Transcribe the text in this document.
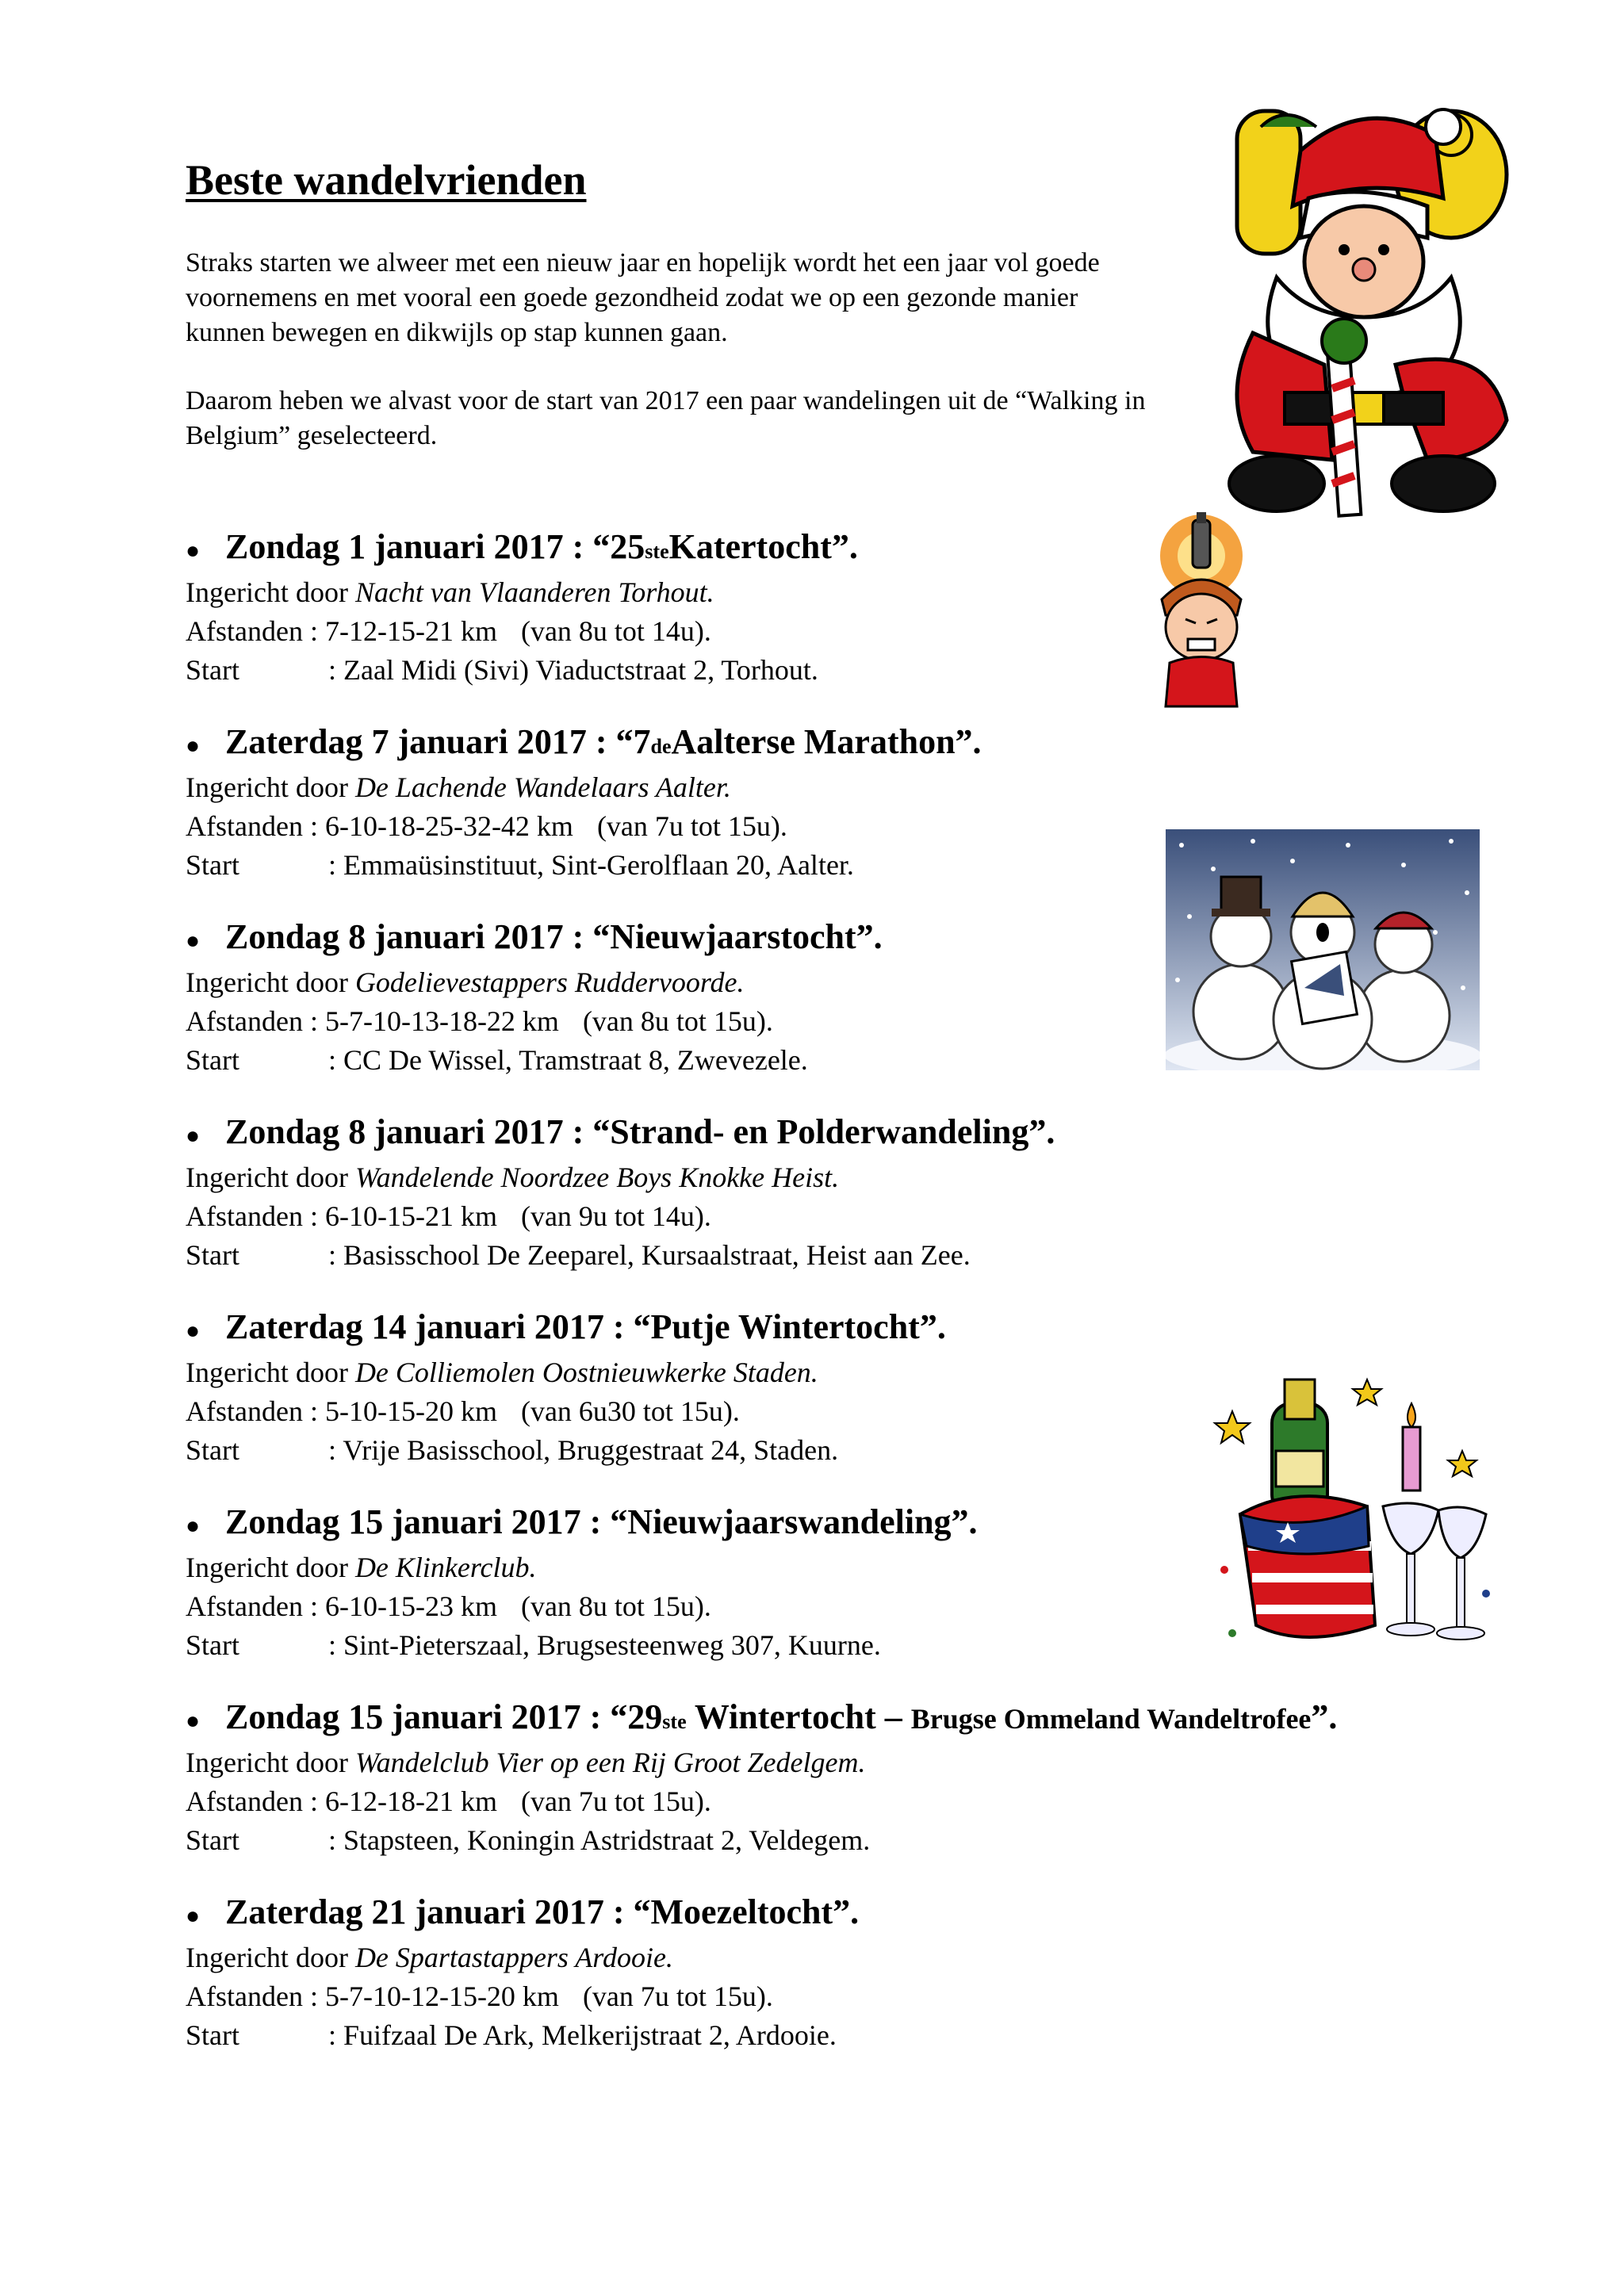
Beste wandelvrienden

Straks starten we alweer met een nieuw jaar en hopelijk wordt het een jaar vol goede voornemens en met vooral een goede gezondheid zodat we op een gezonde manier kunnen bewegen en dikwijls op stap kunnen gaan.

Daarom heben we alvast voor de start van 2017 een paar wandelingen uit de “Walking in Belgium” geselecteerd.

● Zondag 1 januari 2017 : “25 ste Katertocht”.
Ingericht door Nacht van Vlaanderen Torhout.
Afstanden : 7-12-15-21 km (van 8u tot 14u).
Start	: Zaal Midi (Sivi) Viaductstraat 2, Torhout.
● Zaterdag 7 januari 2017 : “7 de Aalterse Marathon”.
Ingericht door De Lachende Wandelaars Aalter.
Afstanden : 6-10-18-25-32-42 km (van 7u tot 15u).
Start	: Emmaüsinstituut, Sint-Gerolflaan 20, Aalter.
● Zondag 8 januari 2017 : “Nieuwjaarstocht”.
Ingericht door Godelievestappers Ruddervoorde.
Afstanden : 5-7-10-13-18-22 km (van 8u tot 15u).
Start	: CC De Wissel, Tramstraat 8, Zwevezele.
● Zondag 8 januari 2017 : “Strand- en Polderwandeling”.
Ingericht door Wandelende Noordzee Boys Knokke Heist.
Afstanden : 6-10-15-21 km (van 9u tot 14u).
Start	: Basisschool De Zeeparel, Kursaalstraat, Heist aan Zee.
● Zaterdag 14 januari 2017 : “Putje Wintertocht”.
Ingericht door De Colliemolen Oostnieuwkerke Staden.
Afstanden : 5-10-15-20 km (van 6u30 tot 15u).
Start	: Vrije Basisschool, Bruggestraat 24, Staden.
● Zondag 15 januari 2017 : “Nieuwjaarswandeling”.
Ingericht door De Klinkerclub.
Afstanden : 6-10-15-23 km (van 8u tot 15u).
Start	: Sint-Pieterszaal, Brugsesteenweg 307, Kuurne.
● Zondag 15 januari 2017 : “29 ste Wintertocht – Brugse Ommeland Wandeltrofee ”.
Ingericht door Wandelclub Vier op een Rij Groot Zedelgem.
Afstanden : 6-12-18-21 km (van 7u tot 15u).
Start	: Stapsteen, Koningin Astridstraat 2, Veldegem.
● Zaterdag 21 januari 2017 : “Moezeltocht”.
Ingericht door De Spartastappers Ardooie.
Afstanden : 5-7-10-12-15-20 km (van 7u tot 15u).
Start	: Fuifzaal De Ark, Melkerijstraat 2, Ardooie.
